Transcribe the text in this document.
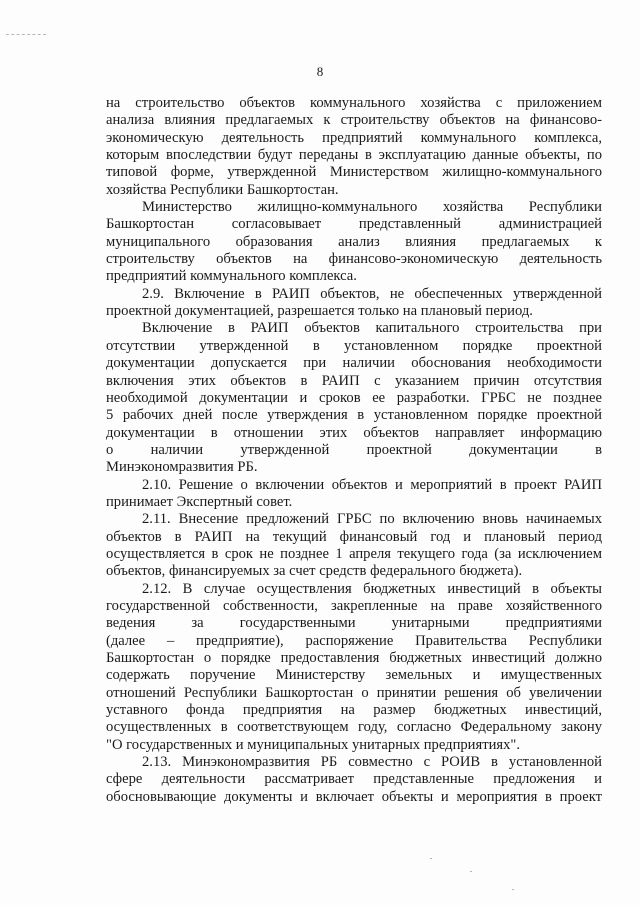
8

на строительство объектов коммунального хозяйства с приложением
анализа влияния предлагаемых к строительству объектов на финансово-
экономическую деятельность предприятий коммунального комплекса,
которым впоследствии будут переданы в эксплуатацию данные объекты, по
типовой форме, утвержденной Министерством жилищно-коммунального
хозяйства Республики Башкортостан.

Министерство жилищно-коммунального хозяйства Республики
Башкортостан согласовывает представленный администрацией
муниципального образования анализ влияния предлагаемых к
строительству объектов на финансово-экономическую деятельность
предприятий коммунального комплекса.

2.9. Включение в РАИП объектов, не обеспеченных утвержденной
проектной документацией, разрешается только на плановый период.

Включение в РАИП объектов капитального строительства при
отсутствии утвержденной в установленном порядке проектной
документации допускается при наличии обоснования необходимости
включения этих объектов в РАИП с указанием причин отсутствия
необходимой документации и сроков ее разработки. ГРБС не позднее
5 рабочих дней после утверждения в установленном порядке проектной
документации в отношении этих объектов направляет информацию
о наличии утвержденной проектной документации в
Минэкономразвития РБ.

2.10. Решение о включении объектов и мероприятий в проект РАИП
принимает Экспертный совет.

2.11. Внесение предложений ГРБС по включению вновь начинаемых
объектов в РАИП на текущий финансовый год и плановый период
осуществляется в срок не позднее 1 апреля текущего года (за исключением
объектов, финансируемых за счет средств федерального бюджета).

2.12. В случае осуществления бюджетных инвестиций в объекты
государственной собственности, закрепленные на праве хозяйственного
ведения за государственными унитарными предприятиями
(далее – предприятие), распоряжение Правительства Республики
Башкортостан о порядке предоставления бюджетных инвестиций должно
содержать поручение Министерству земельных и имущественных
отношений Республики Башкортостан о принятии решения об увеличении
уставного фонда предприятия на размер бюджетных инвестиций,
осуществленных в соответствующем году, согласно Федеральному закону
"О государственных и муниципальных унитарных предприятиях".

2.13. Минэкономразвития РБ совместно с РОИВ в установленной
сфере деятельности рассматривает представленные предложения и
обосновывающие документы и включает объекты и мероприятия в проект
